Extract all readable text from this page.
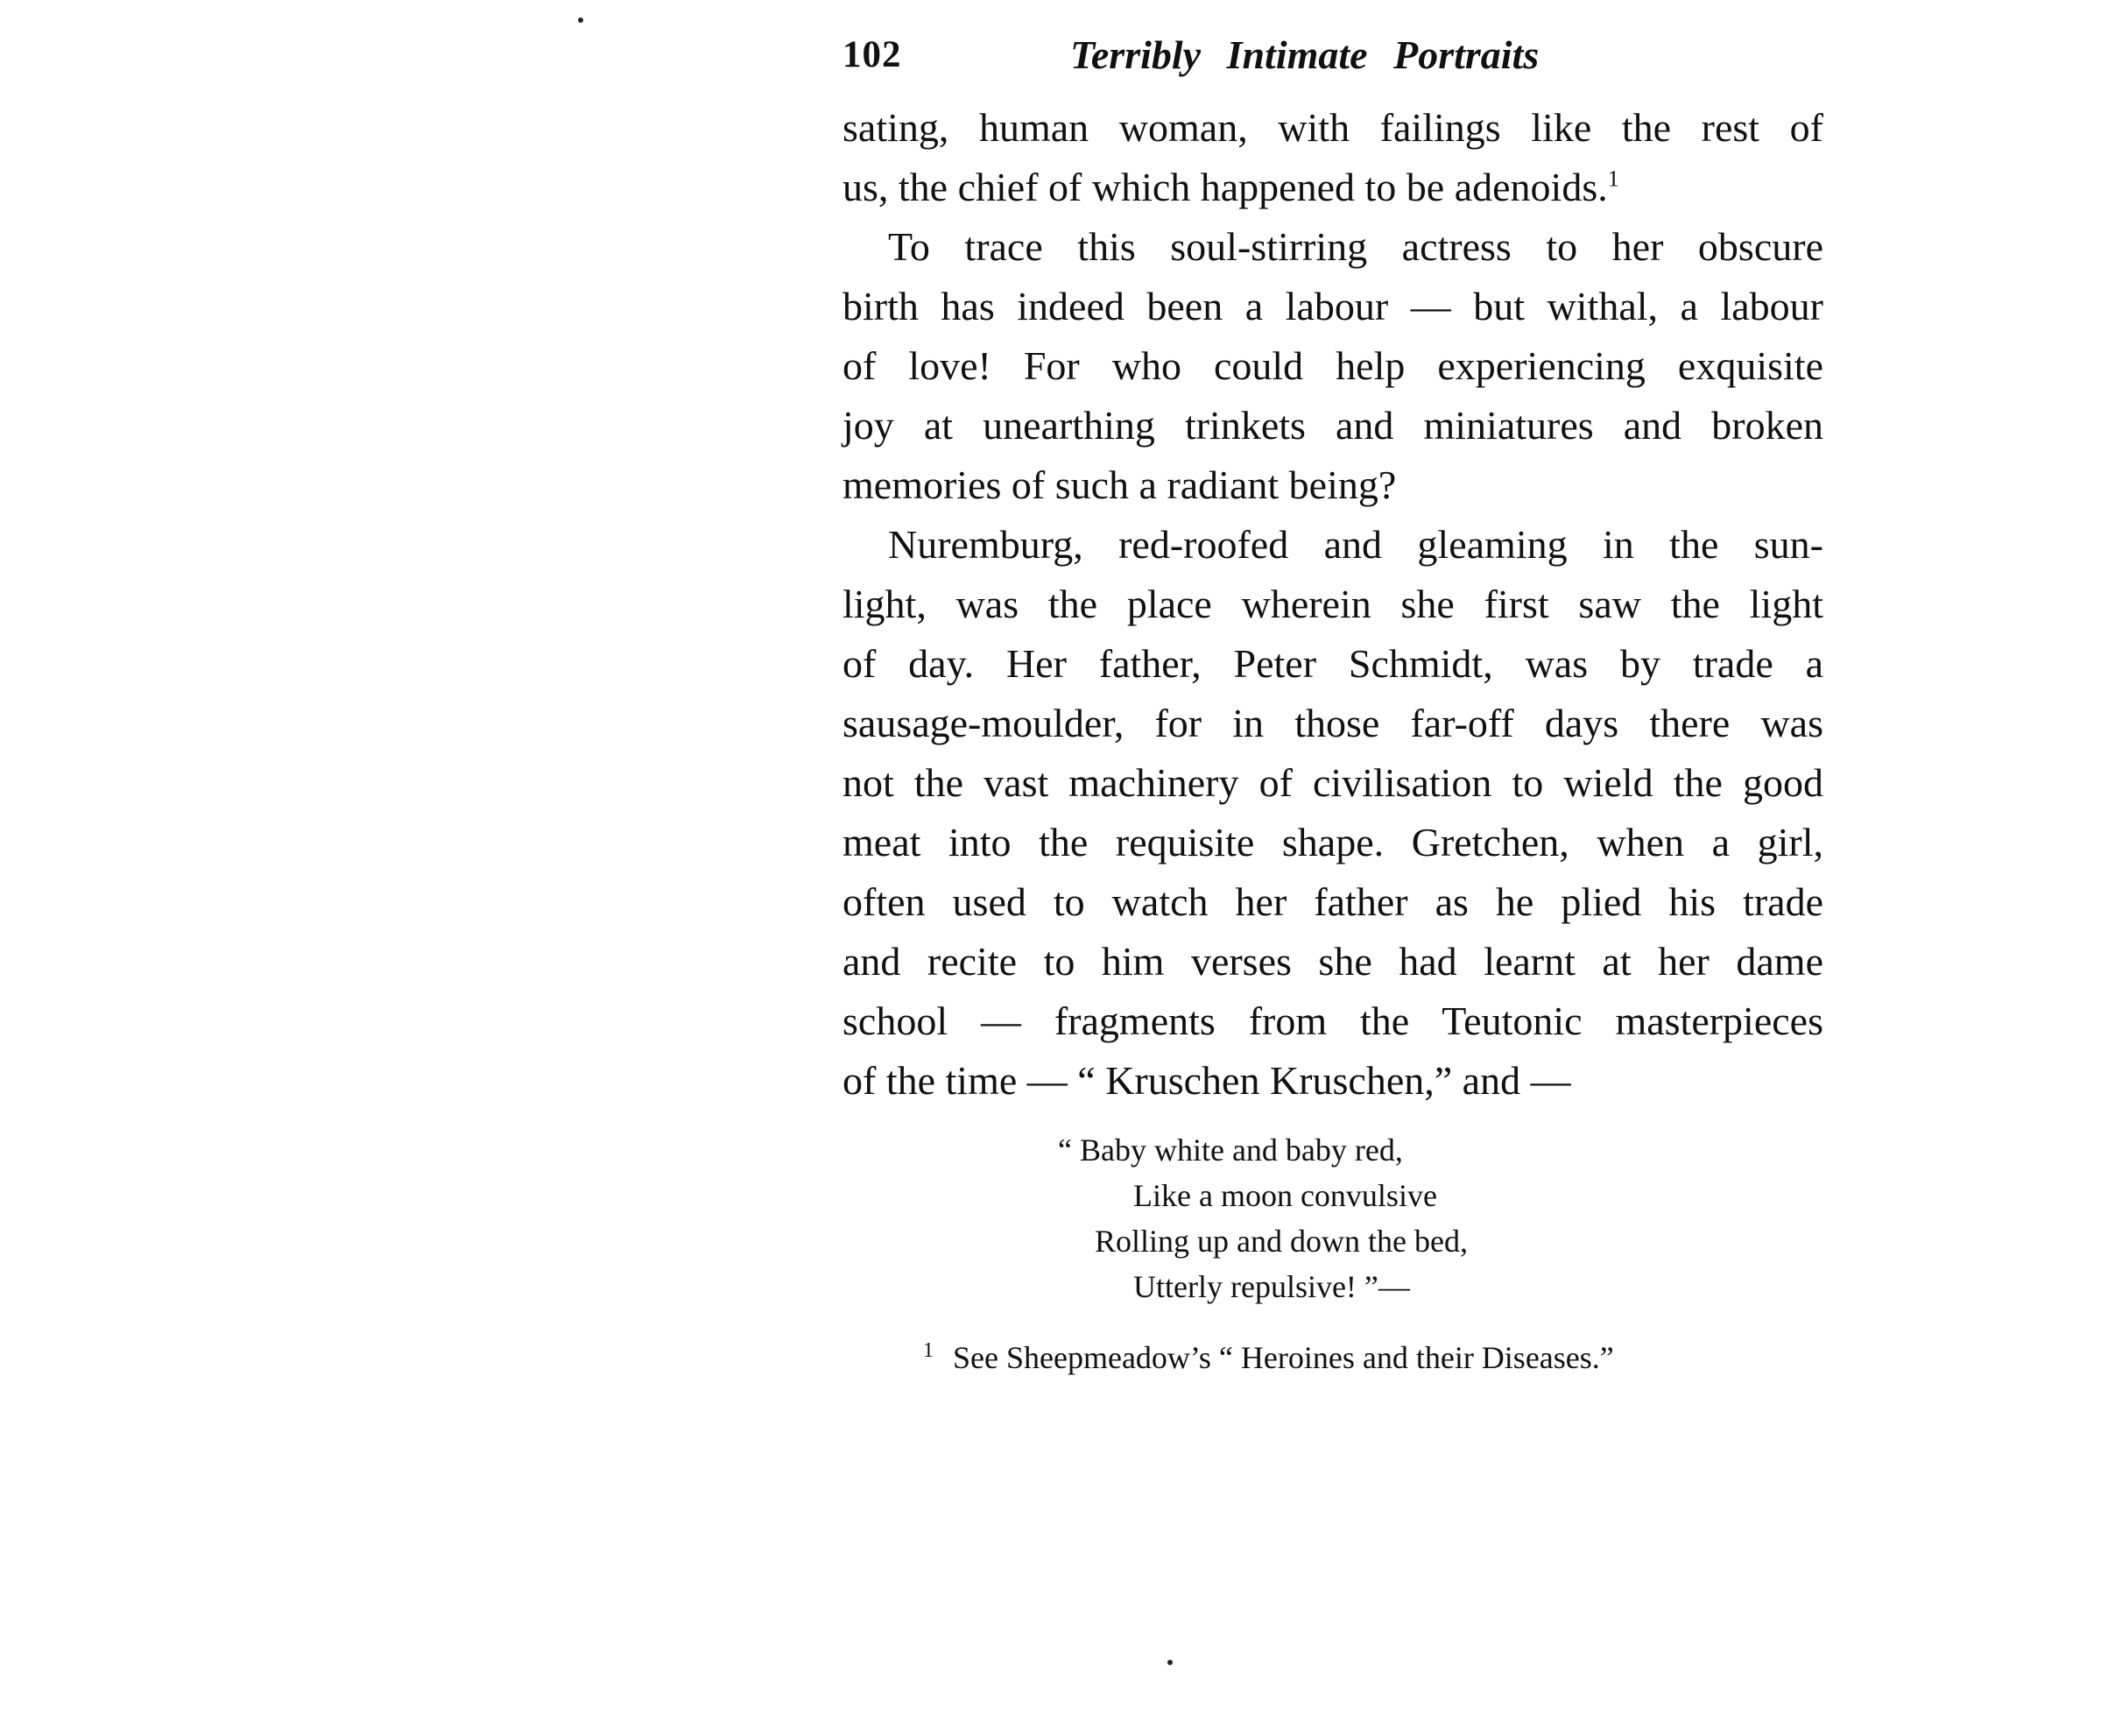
102	Terribly Intimate Portraits
sating, human woman, with failings like the rest of
us, the chief of which happened to be adenoids.$^1$
To trace this soul-stirring actress to her obscure
birth has indeed been a labour — but withal, a labour
of love! For who could help experiencing exquisite
joy at unearthing trinkets and miniatures and broken
memories of such a radiant being?
Nuremburg, red-roofed and gleaming in the sun-
light, was the place wherein she first saw the light
of day. Her father, Peter Schmidt, was by trade a
sausage-moulder, for in those far-off days there was
not the vast machinery of civilisation to wield the good
meat into the requisite shape. Gretchen, when a girl,
often used to watch her father as he plied his trade
and recite to him verses she had learnt at her dame
school — fragments from the Teutonic masterpieces
of the time — “ Kruschen Kruschen,” and —
“ Baby white and baby red,
Like a moon convulsive
Rolling up and down the bed,
Utterly repulsive! ”—
$^1$ See Sheepmeadow’s “ Heroines and their Diseases.”
